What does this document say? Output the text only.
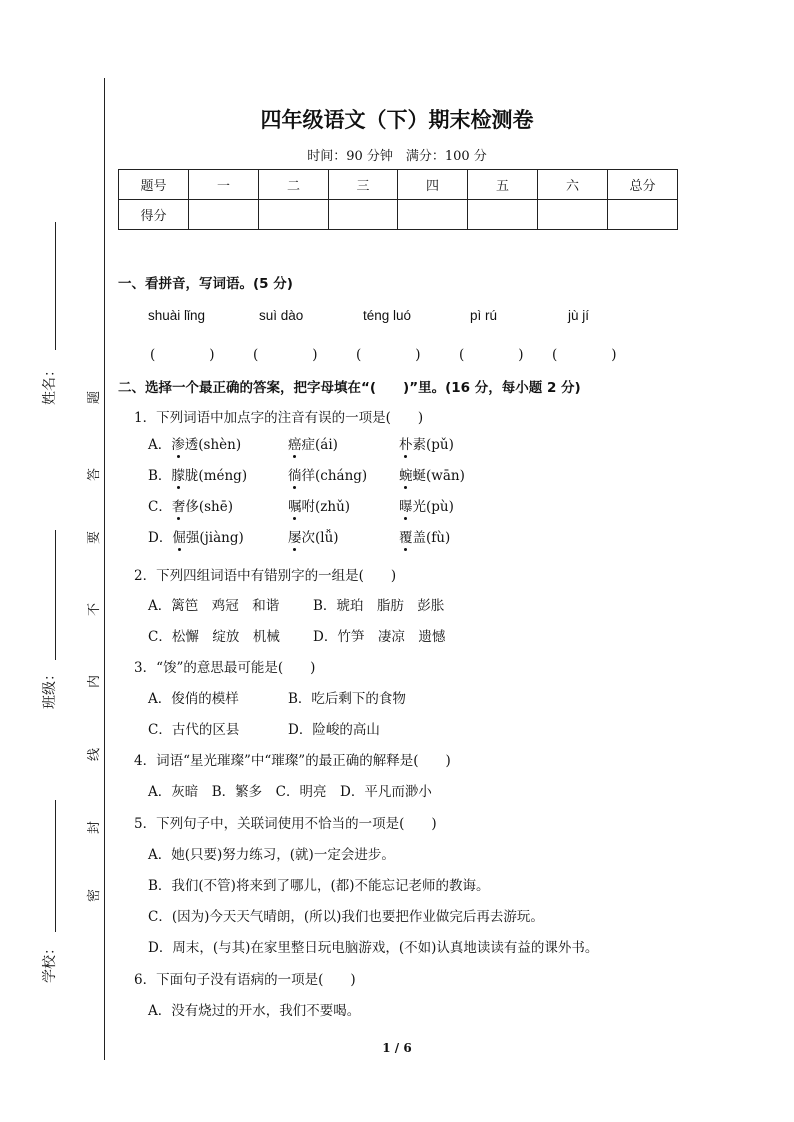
姓名：
班级：
学校：
题
答
要
不
内
线
封
密
四年级语文（下）期末检测卷
时间：90 分钟　满分：100 分
题号	一	二	三	四	五	六	总分
得分							
一、看拼音，写词语。(5 分)
shuài lǐng	suì dào	téng luó	pì rú	jù jí
(　　　　)	(　　　　)	(　　　　)	(　　　　) (　　　　)
二、选择一个最正确的答案，把字母填在“(　　)”里。(16 分，每小题 2 分)
1．下列词语中加点字的注音有误的一项是(　　)
A．渗透(shèn)	癌症(ái)	朴素(pǔ)
B．朦胧(méng)	徜徉(cháng) 蜿蜒(wān)
C．奢侈(shē)	嘱咐(zhǔ)	曝光(pù)
D．倔强(jiàng)	屡次(lǚ)	覆盖(fù)
2．下列四组词语中有错别字的一组是(　　)
A．篱笆　鸡冠　和谐	B．琥珀　脂肪　彭胀
C．松懈　绽放　机械 D．竹笋　凄凉　遗憾
3．“馂”的意思最可能是(　　)
A．俊俏的模样	B．吃后剩下的食物
C．古代的区县	D．险峻的高山
4．词语“星光璀璨”中“璀璨”的最正确的解释是(　　)
A．灰暗　B．繁多　C．明亮　D．平凡而渺小
5．下列句子中，关联词使用不恰当的一项是(　　)
A．她(只要)努力练习，(就)一定会进步。
B．我们(不管)将来到了哪儿，(都)不能忘记老师的教诲。
C．(因为)今天天气晴朗，(所以)我们也要把作业做完后再去游玩。
D．周末，(与其)在家里整日玩电脑游戏，(不如)认真地读读有益的课外书。
6．下面句子没有语病的一项是(　　)
A．没有烧过的开水，我们不要喝。
1 / 6
